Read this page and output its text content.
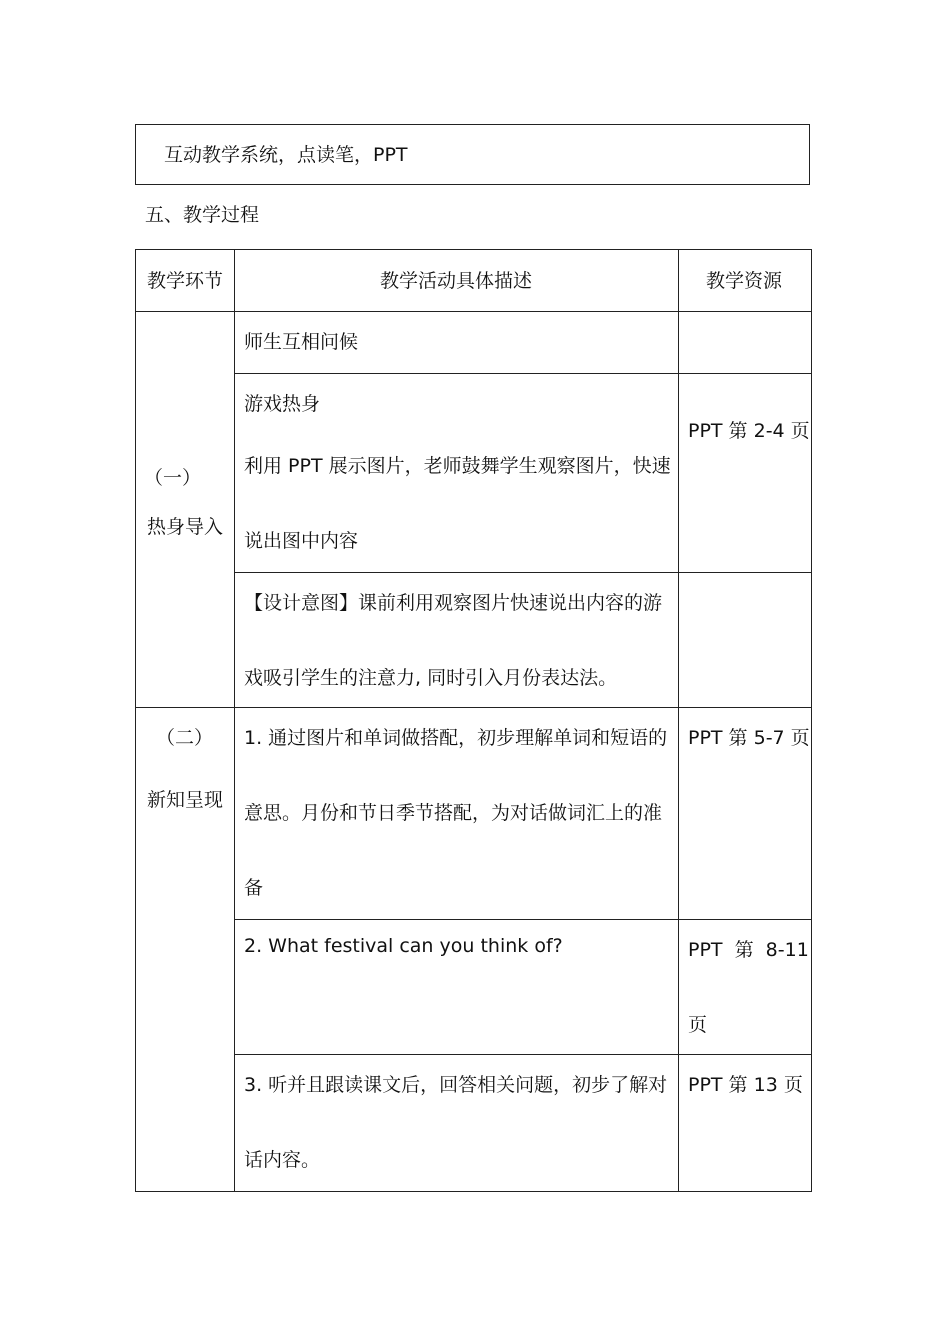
互动教学系统，点读笔，PPT
五、教学过程
教学环节	教学活动具体描述	教学资源

（一）
热身导入	师生互相问候	

	游戏热身
利用 PPT 展示图片，老师鼓舞学生观察图片，快速
说出图中内容	PPT 第 2-4 页

	【设计意图】课前利用观察图片快速说出内容的游
戏吸引学生的注意力, 同时引入月份表达法。	

（二）
新知呈现	1. 通过图片和单词做搭配，初步理解单词和短语的
意思。月份和节日季节搭配，为对话做词汇上的准
备	PPT 第 5-7 页

	2. What festival can you think of?	PPT  第  8-11
页

	3. 听并且跟读课文后，回答相关问题，初步了解对
话内容。	PPT 第 13 页
